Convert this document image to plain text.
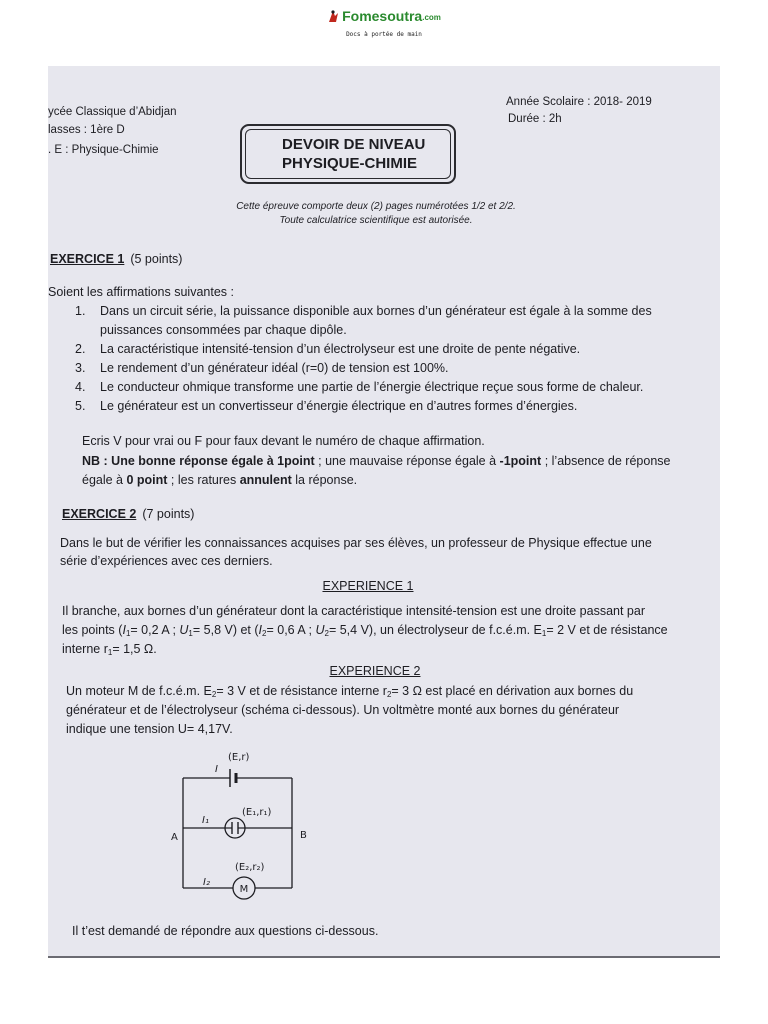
Fomesoutra .com
Docs à portée de main
ycée Classique d’Abidjan
lasses : 1ère D
. E : Physique-Chimie
Année Scolaire : 2018- 2019
Durée : 2h
DEVOIR DE NIVEAU
PHYSIQUE-CHIMIE
Cette épreuve comporte deux (2) pages numérotées 1/2 et 2/2.
Toute calculatrice scientifique est autorisée.
EXERCICE 1 (5 points)
Soient les affirmations suivantes :
1.	Dans un circuit série, la puissance disponible aux bornes d’un générateur est égale à la somme des
puissances consommées par chaque dipôle.
2.	La caractéristique intensité-tension d’un électrolyseur est une droite de pente négative.
3.	Le rendement d’un générateur idéal (r=0) de tension est 100%.
4.	Le conducteur ohmique transforme une partie de l’énergie électrique reçue sous forme de chaleur.
5.	Le générateur est un convertisseur d’énergie électrique en d’autres formes d’énergies.
Ecris V pour vrai ou F pour faux devant le numéro de chaque affirmation.
NB : Une bonne réponse égale à 1point ; une mauvaise réponse égale à -1point ; l’absence de réponse
égale à 0 point ; les ratures annulent la réponse.
EXERCICE 2 (7 points)
Dans le but de vérifier les connaissances acquises par ses élèves, un professeur de Physique effectue une
série d’expériences avec ces derniers.
EXPERIENCE 1
Il branche, aux bornes d’un générateur dont la caractéristique intensité-tension est une droite passant par
les points ($I_1= 0,2$ A ; $U_1= 5,8$ V) et ($I_2= 0,6$ A ; $U_2= 5,4$ V), un électrolyseur de f.c.é.m. $E_1= 2$ V et de résistance
interne $r_1= 1,5$ Ω.
EXPERIENCE 2
Un moteur M de f.c.é.m. $E_2= 3$ V et de résistance interne $r_2= 3$ Ω est placé en dérivation aux bornes du
générateur et de l’électrolyseur (schéma ci-dessous). Un voltmètre monté aux bornes du générateur
indique une tension U= 4,17V.
(E,r)
I
I₁
(E₁,r₁)
A	B
(E₂,r₂)
I₂
M
Il t’est demandé de répondre aux questions ci-dessous.
